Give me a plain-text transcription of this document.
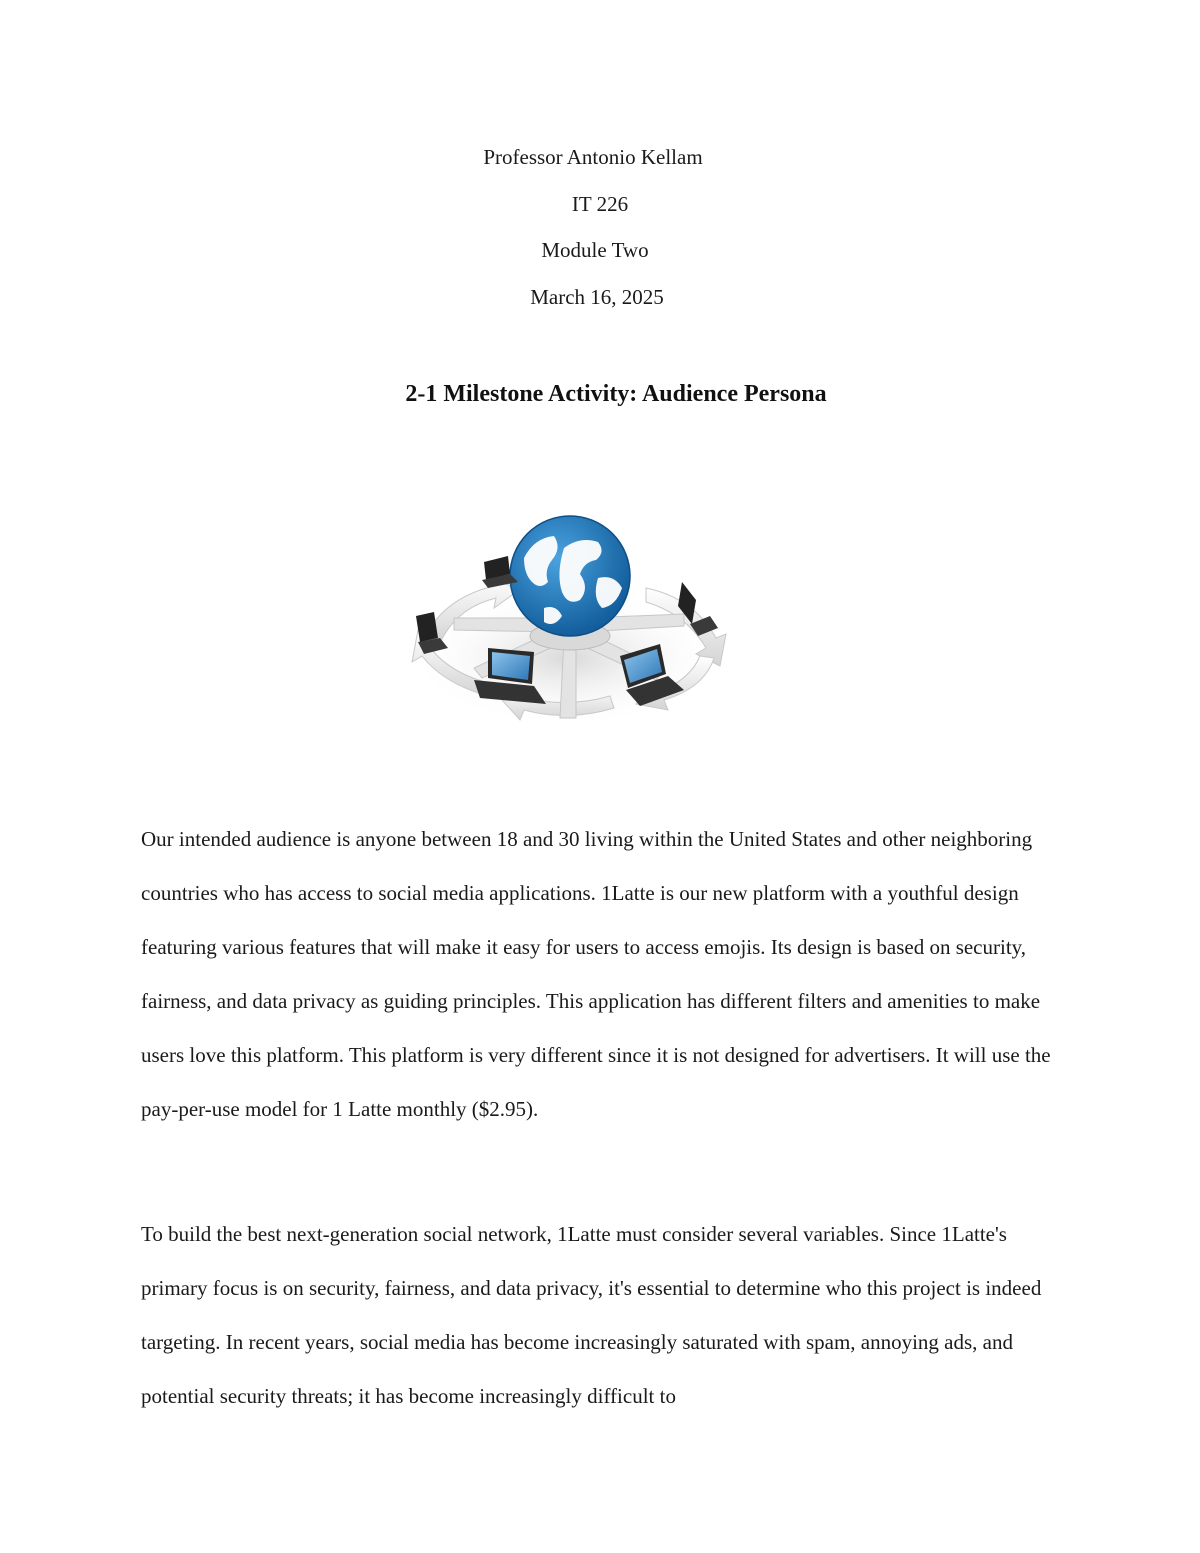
Professor Antonio Kellam
IT 226
Module Two
March 16, 2025
2-1 Milestone Activity: Audience Persona

Our intended audience is anyone between 18 and 30 living within the United States and other neighboring countries who has access to social media applications. 1Latte is our new platform with a youthful design featuring various features that will make it easy for users to access emojis. Its design is based on security, fairness, and data privacy as guiding principles. This application has different filters and amenities to make users love this platform. This platform is very different since it is not designed for advertisers. It will use the pay-per-use model for 1 Latte monthly ($2.95).

To build the best next-generation social network, 1Latte must consider several variables. Since 1Latte's primary focus is on security, fairness, and data privacy, it's essential to determine who this project is indeed targeting. In recent years, social media has become increasingly saturated with spam, annoying ads, and potential security threats; it has become increasingly difficult to
